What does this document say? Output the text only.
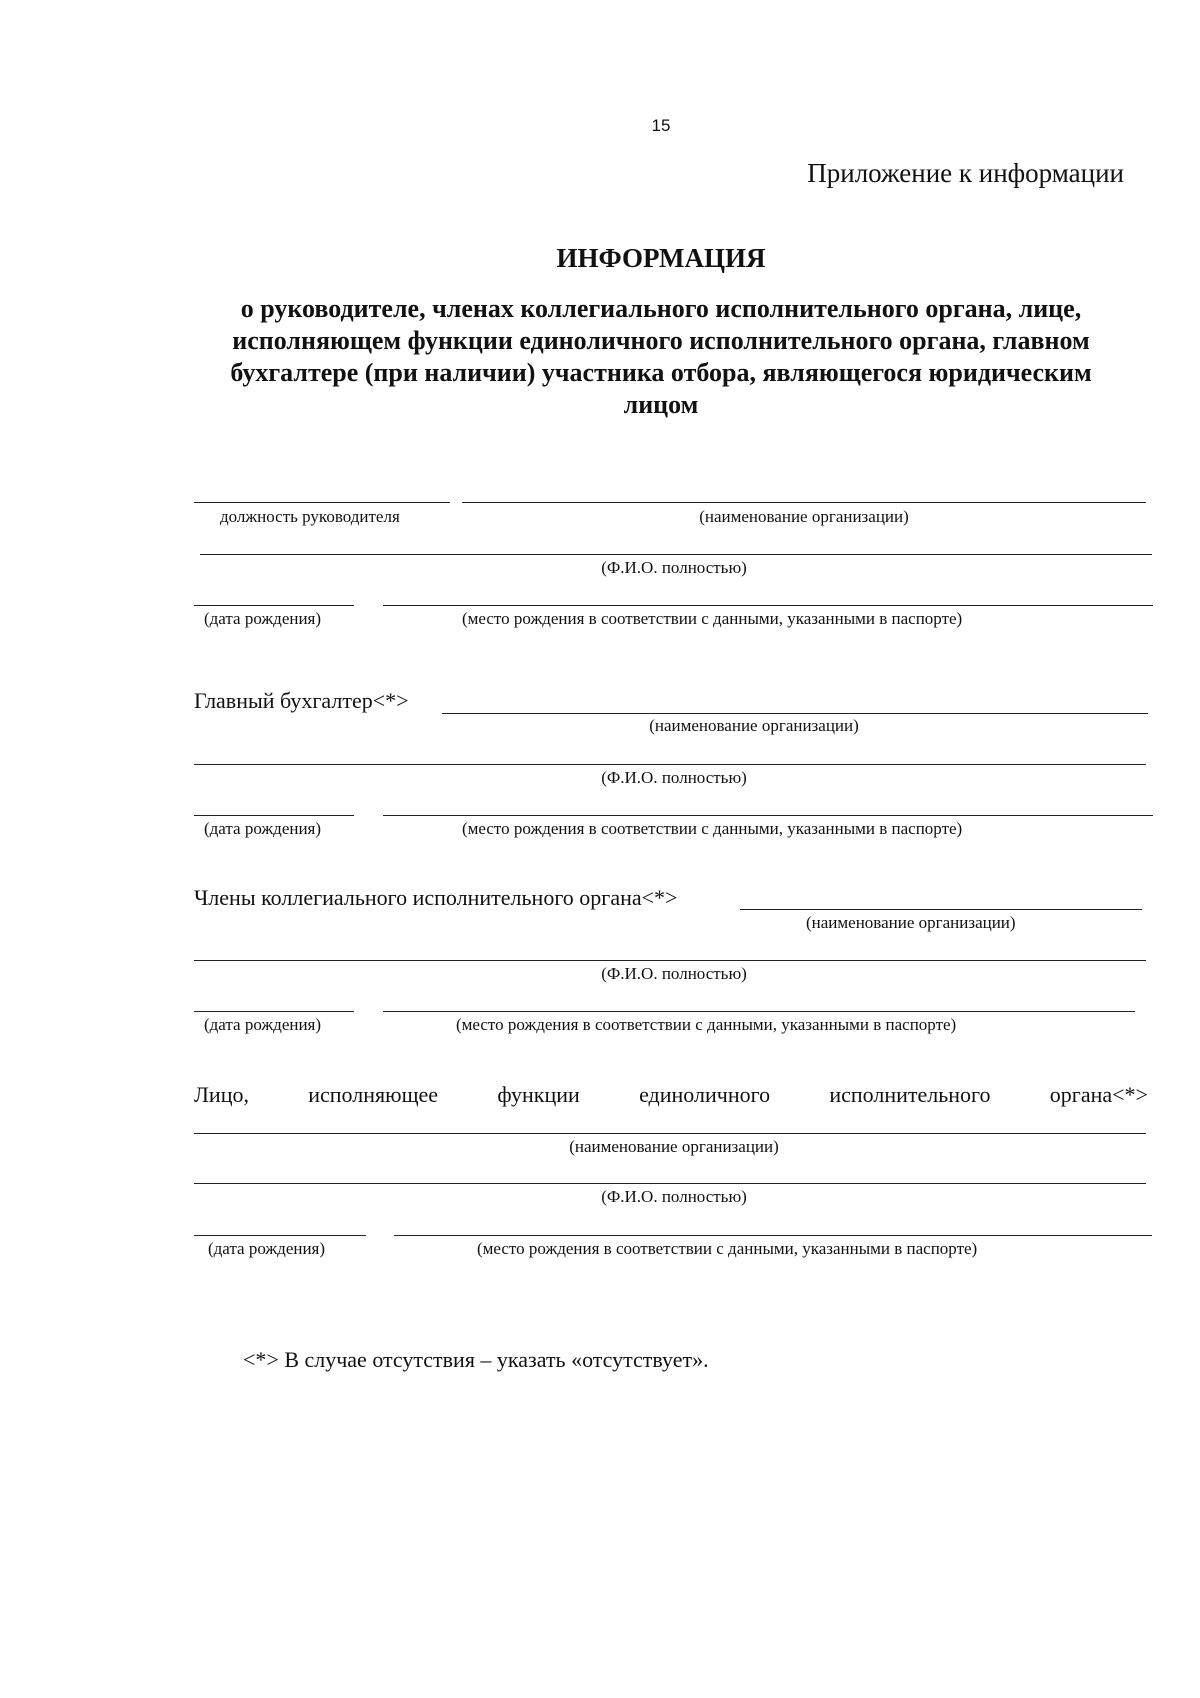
15
Приложение к информации
ИНФОРМАЦИЯ
о руководителе, членах коллегиального исполнительного органа, лице,
исполняющем функции единоличного исполнительного органа, главном
бухгалтере (при наличии) участника отбора, являющегося юридическим
лицом
должность руководителя	(наименование организации)
(Ф.И.О. полностью)
(дата рождения)	(место рождения в соответствии с данными, указанными в паспорте)
Главный бухгалтер<*>
(наименование организации)
(Ф.И.О. полностью)
(дата рождения)	(место рождения в соответствии с данными, указанными в паспорте)
Члены коллегиального исполнительного органа<*>
(наименование организации)
(Ф.И.О. полностью)
(дата рождения)	(место рождения в соответствии с данными, указанными в паспорте)
Лицо,	исполняющее	функции	единоличного	исполнительного	органа<*>
(наименование организации)
(Ф.И.О. полностью)
(дата рождения)	(место рождения в соответствии с данными, указанными в паспорте)
<*> В случае отсутствия – указать «отсутствует».
